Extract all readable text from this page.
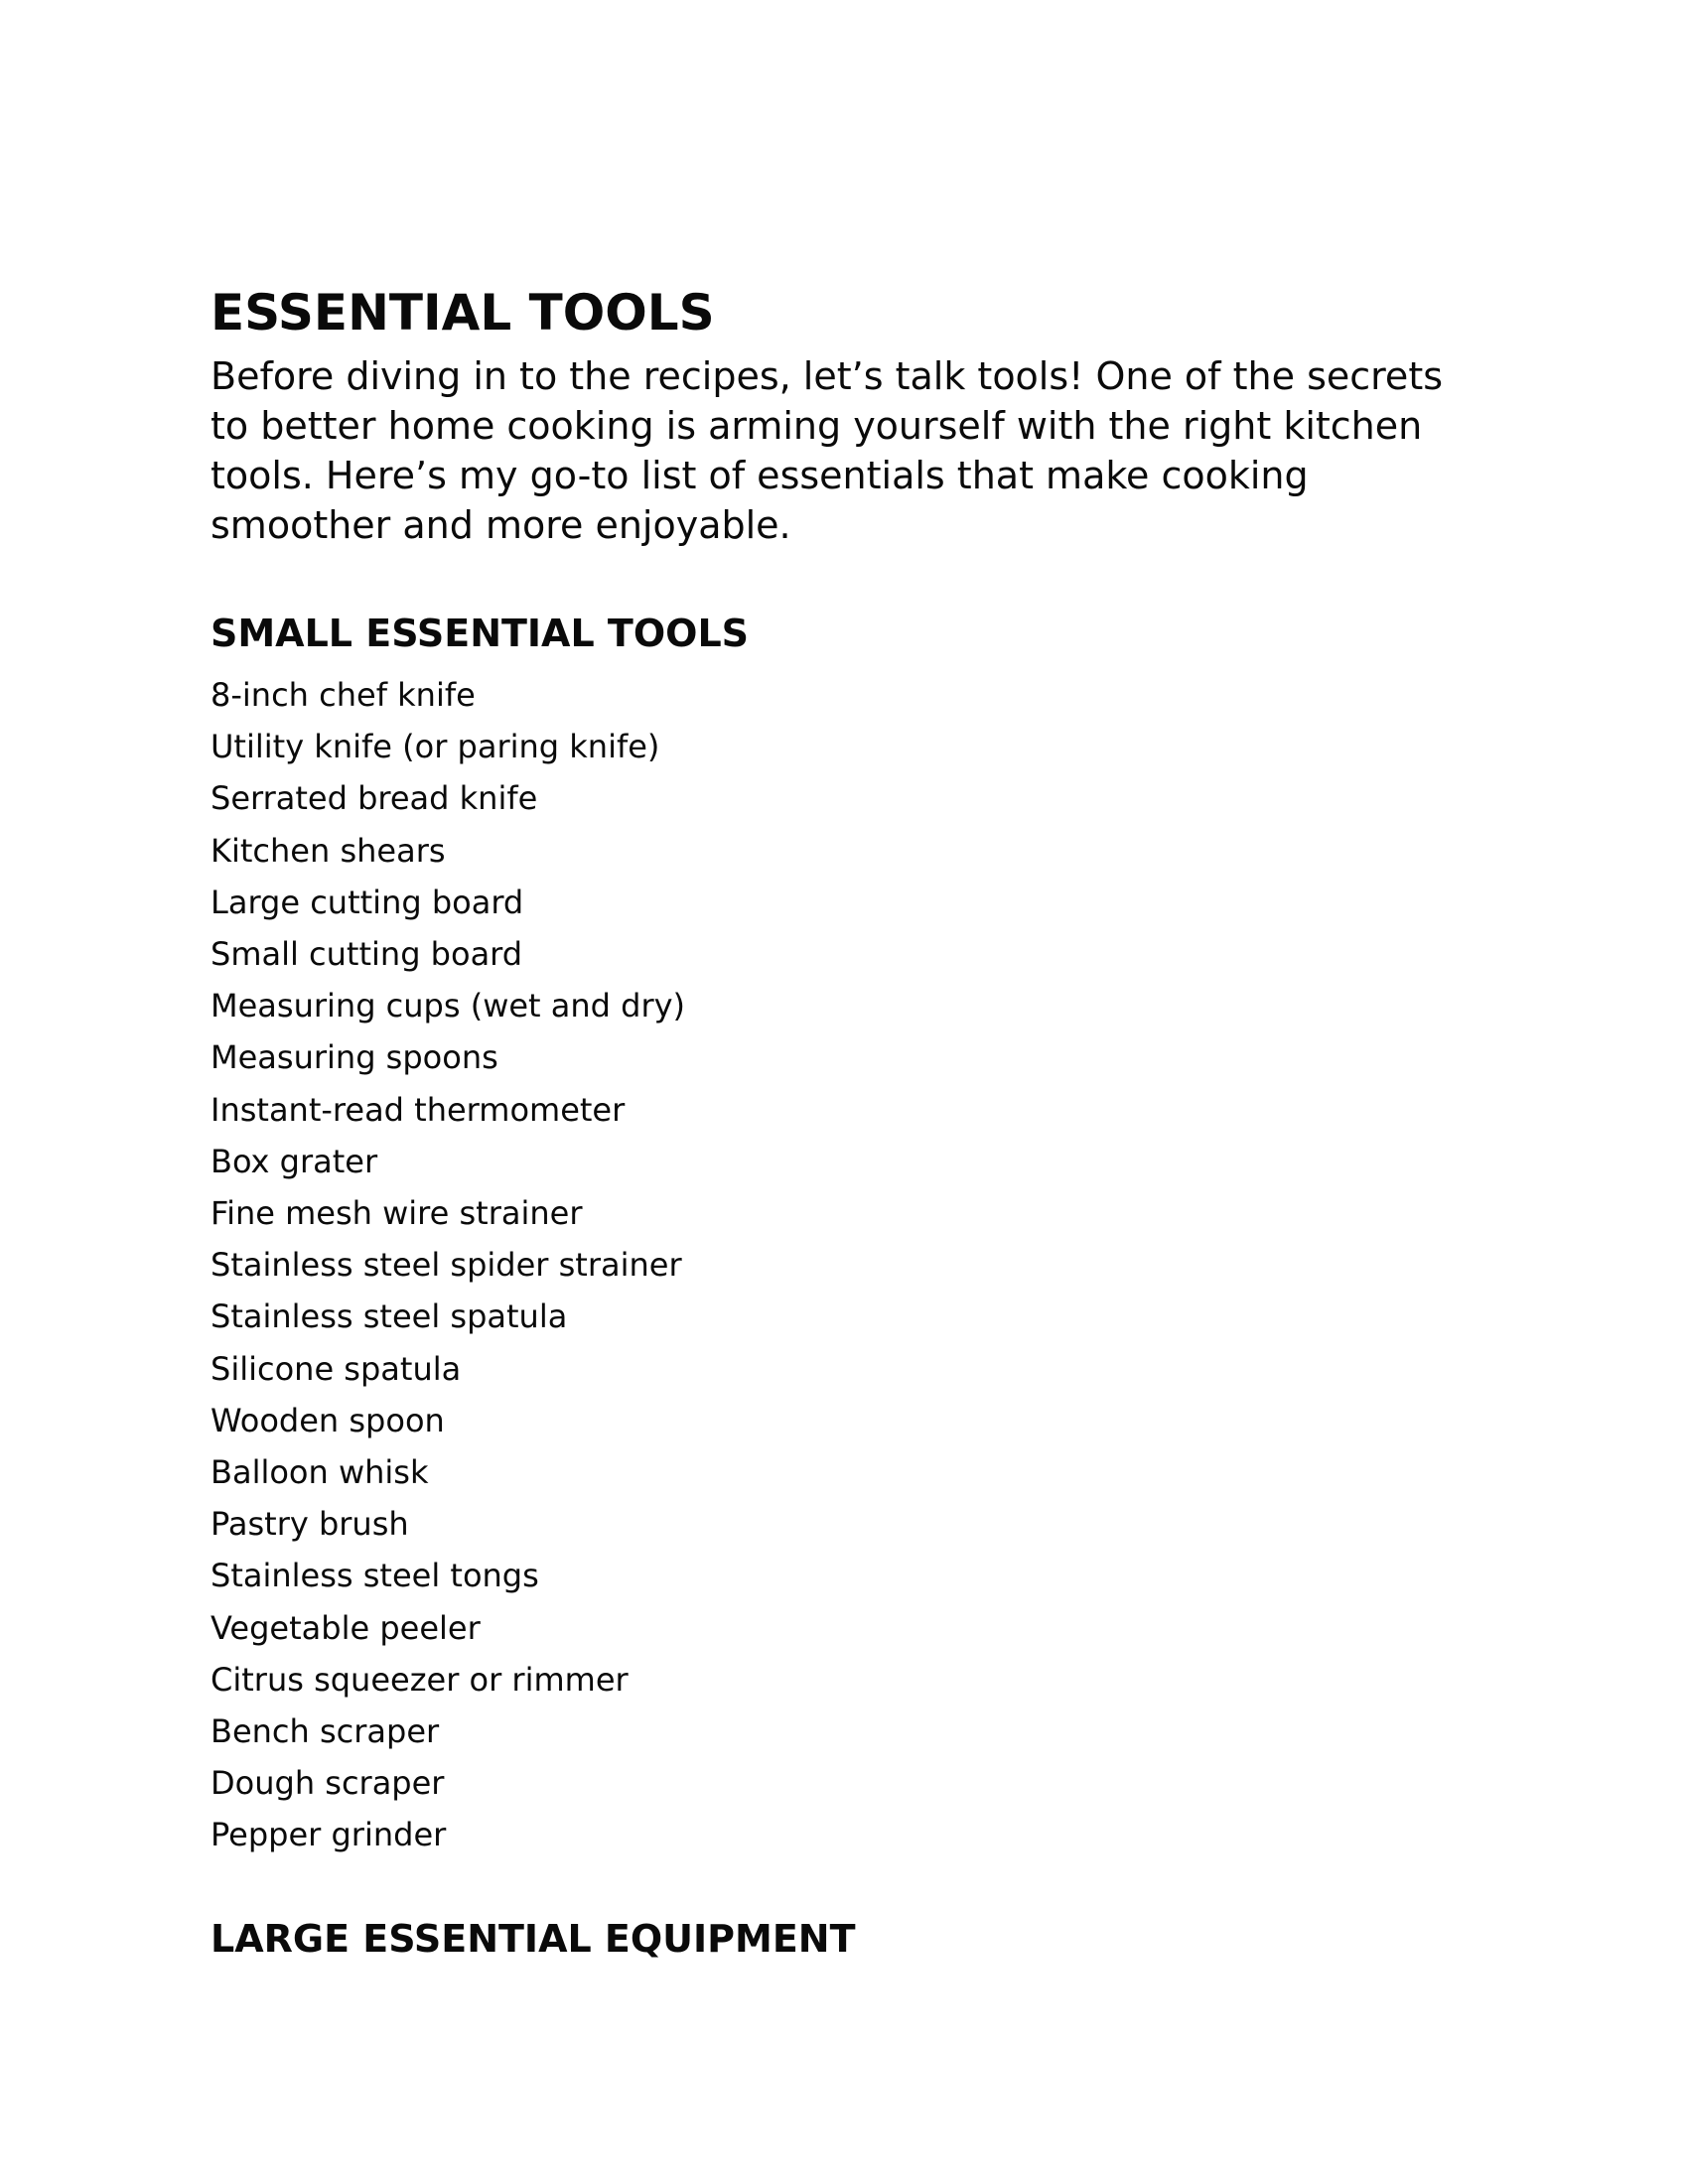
ESSENTIAL TOOLS

Before diving in to the recipes, let’s talk tools! One of the secrets to better home cooking is arming yourself with the right kitchen tools. Here’s my go-to list of essentials that make cooking smoother and more enjoyable.

SMALL ESSENTIAL TOOLS
8-inch chef knife
Utility knife (or paring knife)
Serrated bread knife
Kitchen shears
Large cutting board
Small cutting board
Measuring cups (wet and dry)
Measuring spoons
Instant-read thermometer
Box grater
Fine mesh wire strainer
Stainless steel spider strainer
Stainless steel spatula
Silicone spatula
Wooden spoon
Balloon whisk
Pastry brush
Stainless steel tongs
Vegetable peeler
Citrus squeezer or rimmer
Bench scraper
Dough scraper
Pepper grinder
LARGE ESSENTIAL EQUIPMENT
